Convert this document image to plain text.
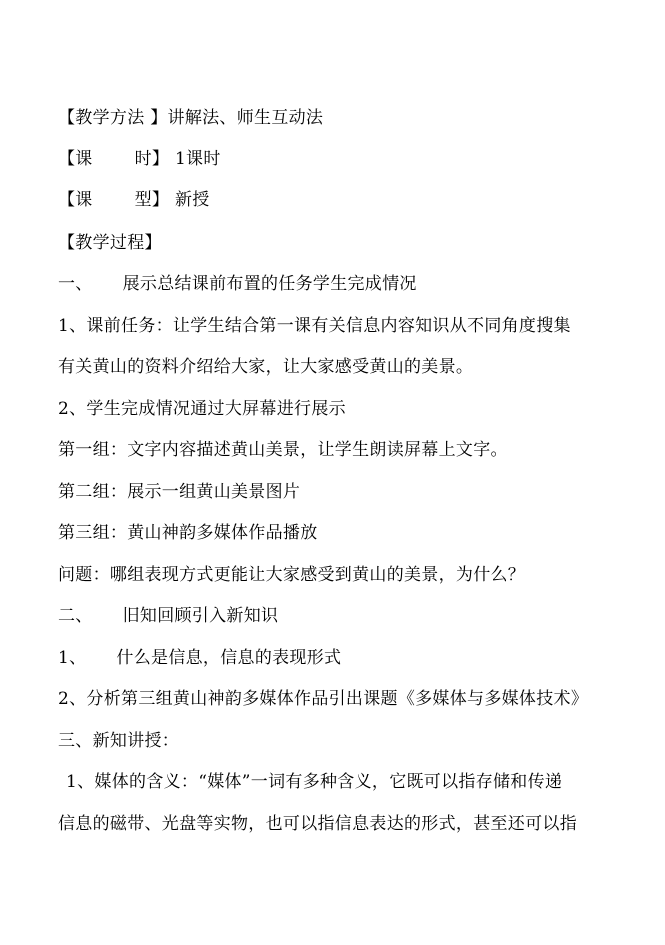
【教学方法 】讲解法、师生互动法
【课 时】 1课时
【课 型】 新授
【教学过程】
一、 展示总结课前布置的任务学生完成情况
1、课前任务：让学生结合第一课有关信息内容知识从不同角度搜集
有关黄山的资料介绍给大家，让大家感受黄山的美景。
2、学生完成情况通过大屏幕进行展示
第一组：文字内容描述黄山美景，让学生朗读屏幕上文字。
第二组：展示一组黄山美景图片
第三组：黄山神韵多媒体作品播放
问题：哪组表现方式更能让大家感受到黄山的美景，为什么？
二、 旧知回顾引入新知识
1、 什么是信息，信息的表现形式
2、分析第三组黄山神韵多媒体作品引出课题《多媒体与多媒体技术》
三、新知讲授：
1、媒体的含义：“媒体”一词有多种含义，它既可以指存储和传递
信息的磁带、光盘等实物，也可以指信息表达的形式，甚至还可以指
